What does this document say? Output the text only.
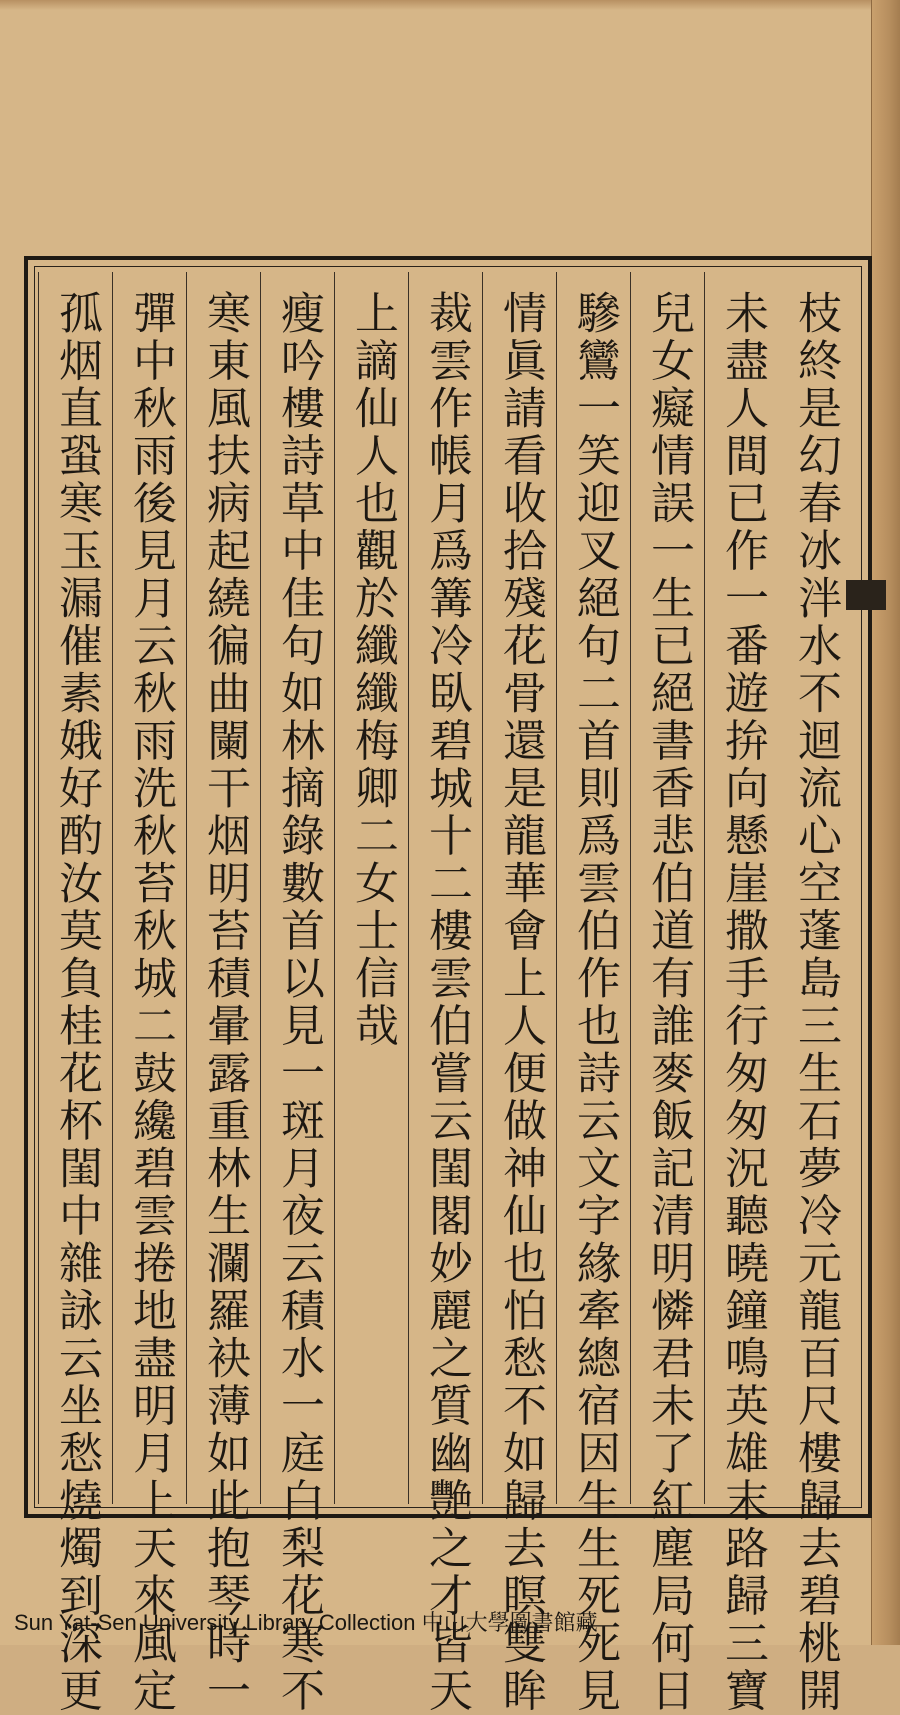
枝終是幻春冰泮水不迴流心空蓬島三生石夢冷元龍百尺樓歸去碧桃開
未盡人間已作一番遊拚向懸崖撒手行匆匆況聽曉鐘鳴英雄末路歸三寶
兒女癡情誤一生已絕書香悲伯道有誰麥飯記清明憐君未了紅塵局何日
驂鸞一笑迎叉絕句二首則爲雲伯作也詩云文字緣牽總宿因生生死死見
情眞請看收拾殘花骨還是龍華會上人便做神仙也怕愁不如歸去瞑雙眸
裁雲作帳月爲篝冷臥碧城十二樓雲伯嘗云閨閣妙麗之質幽艷之才皆天
上謫仙人也觀於纖纖梅卿二女士信哉
瘦吟樓詩草中佳句如林摘錄數首以見一斑月夜云積水一庭白梨花寒不
寒東風扶病起繞徧曲闌干烟明苔積暈露重林生瀾羅袂薄如此抱琴時一
彈中秋雨後見月云秋雨洗秋苔秋城二鼓纔碧雲捲地盡明月上天來風定
孤烟直蛩寒玉漏催素娥好酌汝莫負桂花杯閨中雜詠云坐愁燒燭到深更
Sun Yat-Sen University Library Collection 中山大學圖書館藏
